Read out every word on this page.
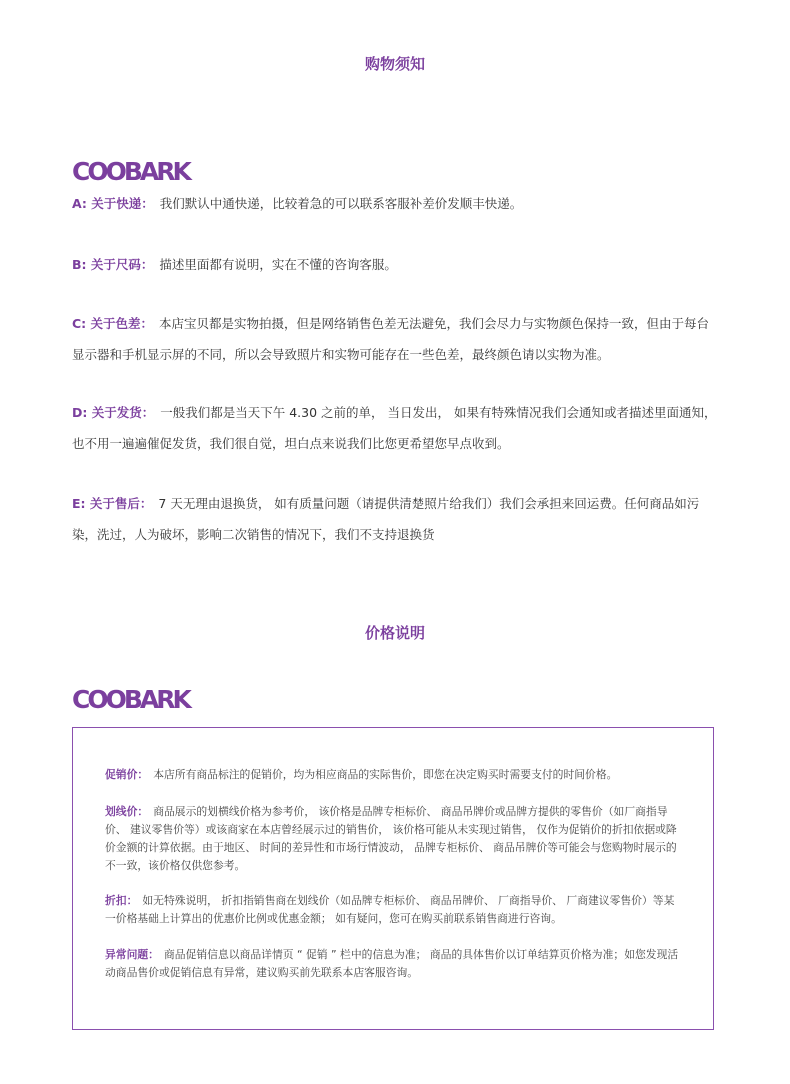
购物须知
COOBARK
A: 关于快递： 我们默认中通快递，比较着急的可以联系客服补差价发顺丰快递。
B: 关于尺码： 描述里面都有说明，实在不懂的咨询客服。
C: 关于色差： 本店宝贝都是实物拍摄，但是网络销售色差无法避免，我们会尽力与实物颜色保持一致，但由于每台显示器和手机显示屏的不同，所以会导致照片和实物可能存在一些色差，最终颜色请以实物为准。
D: 关于发货： 一般我们都是当天下午 4.30 之前的单， 当日发出， 如果有特殊情况我们会通知或者描述里面通知，也不用一遍遍催促发货，我们很自觉，坦白点来说我们比您更希望您早点收到。
E: 关于售后： 7 天无理由退换货， 如有质量问题（请提供清楚照片给我们）我们会承担来回运费。任何商品如污染，洗过，人为破坏，影响二次销售的情况下，我们不支持退换货
价格说明
COOBARK
促销价： 本店所有商品标注的促销价，均为相应商品的实际售价，即您在决定购买时需要支付的时间价格。
划线价： 商品展示的划横线价格为参考价， 该价格是品牌专柜标价、 商品吊牌价或品牌方提供的零售价（如厂商指导价、 建议零售价等）或该商家在本店曾经展示过的销售价， 该价格可能从未实现过销售， 仅作为促销价的折扣依据或降价金额的计算依据。由于地区、 时间的差异性和市场行情波动， 品牌专柜标价、 商品吊牌价等可能会与您购物时展示的不一致，该价格仅供您参考。
折扣： 如无特殊说明， 折扣指销售商在划线价（如品牌专柜标价、 商品吊牌价、 厂商指导价、 厂商建议零售价）等某一价格基础上计算出的优惠价比例或优惠金额； 如有疑问，您可在购买前联系销售商进行咨询。
异常问题： 商品促销信息以商品详情页 “ 促销 ” 栏中的信息为准； 商品的具体售价以订单结算页价格为准；如您发现活动商品售价或促销信息有异常，建议购买前先联系本店客服咨询。
